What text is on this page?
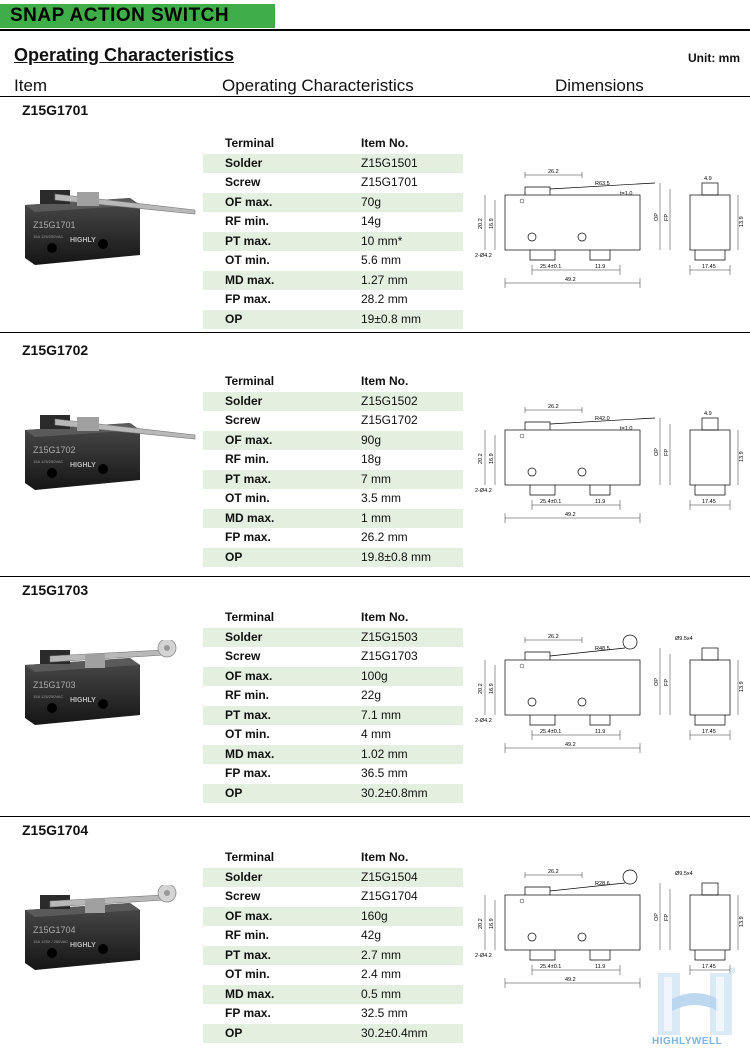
SNAP ACTION SWITCH
Operating Characteristics	Unit: mm
Item	Operating Characteristics	Dimensions
Z15G1701
Terminal	Item No.
Solder	Z15G1501
Screw	Z15G1701
OF max.	70g
RF min.	14g
PT max.	10 mm*
OT min.	5.6 mm
MD max.	1.27 mm
FP max.	28.2 mm
OP	19±0.8 mm
Z15G1701
HIGHLY
15A 125/250VAC
26.2
R63.5
t=1.0
2-Ø4.2
20.2 16.9
25.4±0.1	11.9
49.2
OP FP
4.9
13.9
17.45
Z15G1702
Terminal	Item No.
Solder	Z15G1502
Screw	Z15G1702
OF max.	90g
RF min.	18g
PT max.	7 mm
OT min.	3.5 mm
MD max.	1 mm
FP max.	26.2 mm
OP	19.8±0.8 mm
Z15G1702
HIGHLY
15A 125/250VAC
26.2
R42.0
t=1.0
2-Ø4.2
20.2 16.9
25.4±0.1	11.9
49.2
OP FP
4.9
13.9
17.45
Z15G1703
Terminal	Item No.
Solder	Z15G1503
Screw	Z15G1703
OF max.	100g
RF min.	22g
PT max.	7.1 mm
OT min.	4 mm
MD max.	1.02 mm
FP max.	36.5 mm
OP	30.2±0.8mm
Z15G1703
HIGHLY
15A 125/250VAC
26.2
R48.5
Ø9.5x4
2-Ø4.2
20.2 16.9
25.4±0.1	11.9
49.2
OP FP	13.9
17.45
Z15G1704
Terminal	Item No.
Solder	Z15G1504
Screw	Z15G1704
OF max.	160g
RF min.	42g
PT max.	2.7 mm
OT min.	2.4 mm
MD max.	0.5 mm
FP max.	32.5 mm
OP	30.2±0.4mm
Z15G1704
HIGHLY
15A 125V / 250VAC
26.2
R28.6
Ø9.5x4
2-Ø4.2
20.2 16.9
25.4±0.1	11.9
49.2
OP FP	13.9
17.45
®
HIGHLYWELL
